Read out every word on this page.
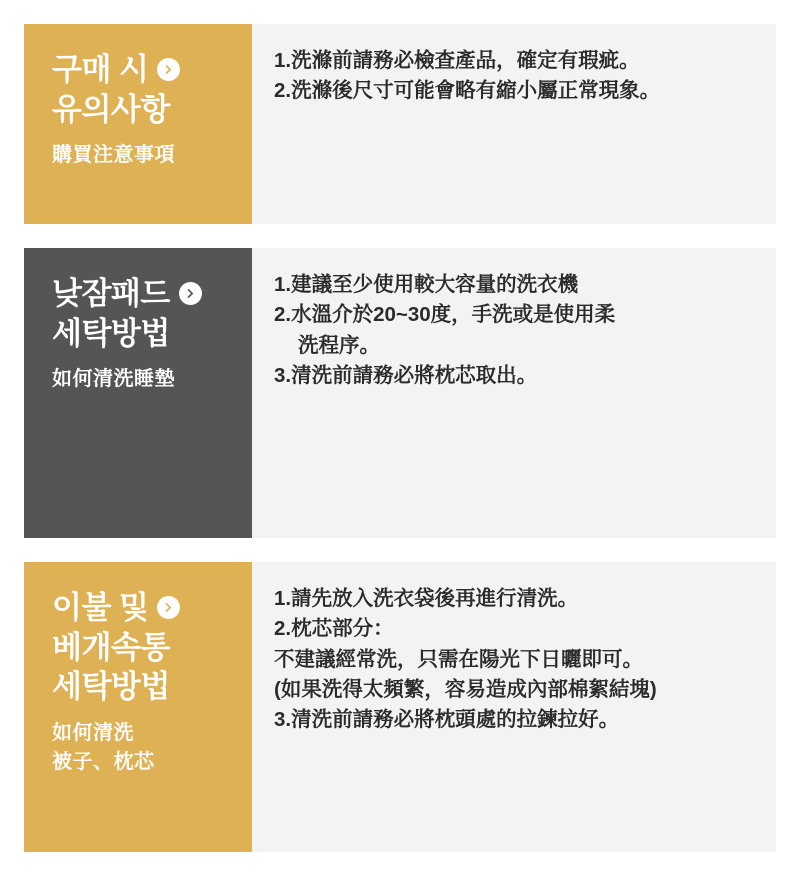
구매 시
유의사항
購買注意事項
1.洗滌前請務必檢查產品，確定有瑕疵。
2.洗滌後尺寸可能會略有縮小屬正常現象。
낮잠패드
세탁방법
如何清洗睡墊
1.建議至少使用較大容量的洗衣機
2.水溫介於20~30度，手洗或是使用柔
洗程序。
3.清洗前請務必將枕芯取出。
이불 및
베개속통
세탁방법
如何清洗
被子、枕芯
1.請先放入洗衣袋後再進行清洗。
2.枕芯部分：
不建議經常洗，只需在陽光下日曬即可。
(如果洗得太頻繁，容易造成內部棉絮結塊)
3.清洗前請務必將枕頭處的拉鍊拉好。
